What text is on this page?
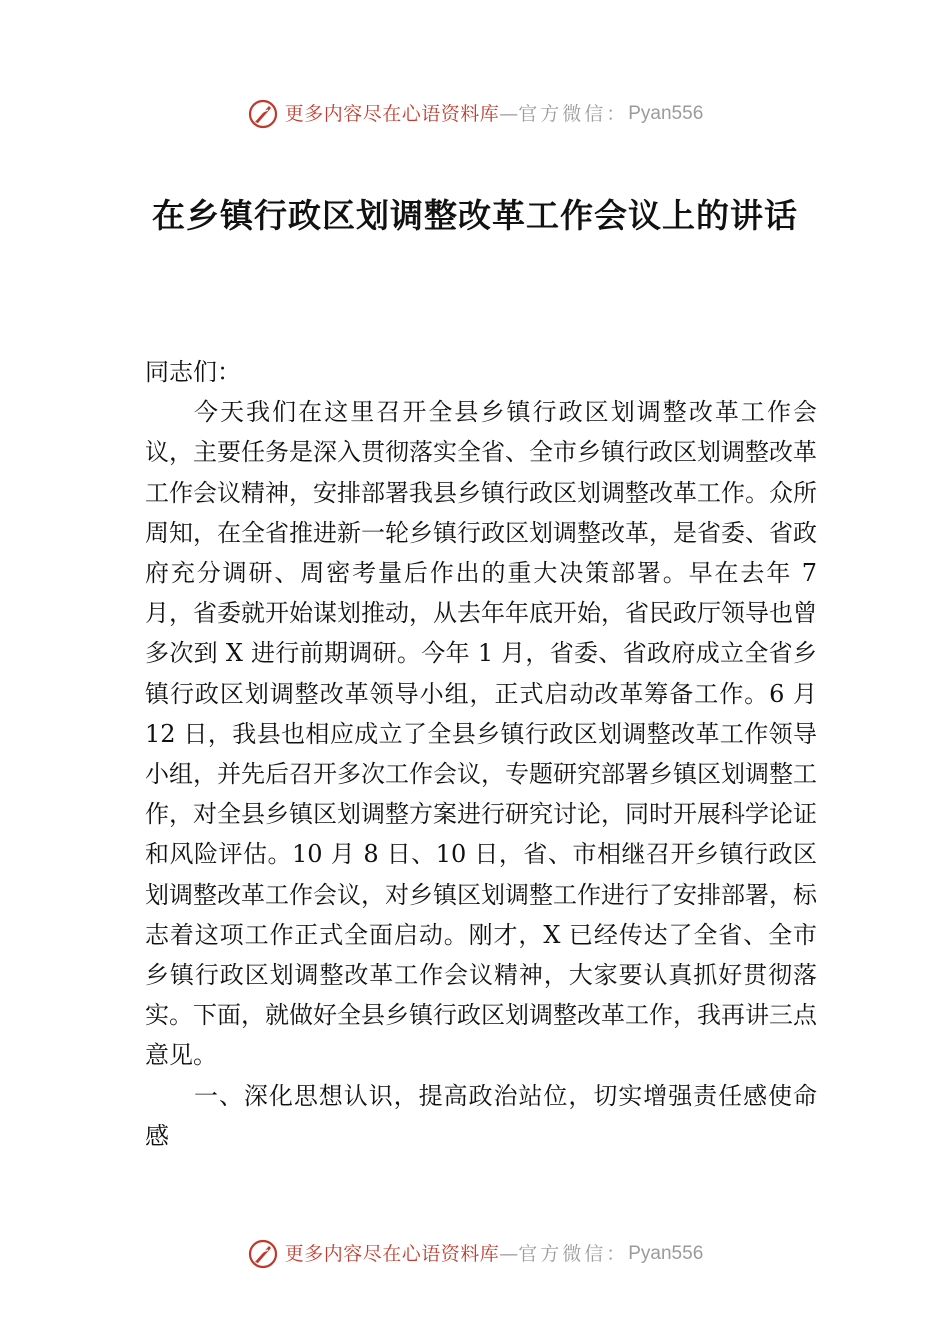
更多内容尽在心语资料库 — 官方微信： Pyan556
在乡镇行政区划调整改革工作会议上的讲话

同志们：

今天我们在这里召开全县乡镇行政区划调整改革工作会议，主要任务是深入贯彻落实全省、全市乡镇行政区划调整改革工作会议精神，安排部署我县乡镇行政区划调整改革工作。众所周知，在全省推进新一轮乡镇行政区划调整改革，是省委、省政府充分调研、周密考量后作出的重大决策部署。早在去年 7 月，省委就开始谋划推动，从去年年底开始，省民政厅领导也曾多次到 X 进行前期调研。今年 1 月，省委、省政府成立全省乡镇行政区划调整改革领导小组，正式启动改革筹备工作。6 月 12 日，我县也相应成立了全县乡镇行政区划调整改革工作领导小组，并先后召开多次工作会议，专题研究部署乡镇区划调整工作，对全县乡镇区划调整方案进行研究讨论，同时开展科学论证和风险评估。10 月 8 日、10 日，省、市相继召开乡镇行政区划调整改革工作会议，对乡镇区划调整工作进行了安排部署，标志着这项工作正式全面启动。刚才，X 已经传达了全省、全市乡镇行政区划调整改革工作会议精神，大家要认真抓好贯彻落实。下面，就做好全县乡镇行政区划调整改革工作，我再讲三点意见。

一、深化思想认识，提高政治站位，切实增强责任感使命感

更多内容尽在心语资料库 — 官方微信： Pyan556
